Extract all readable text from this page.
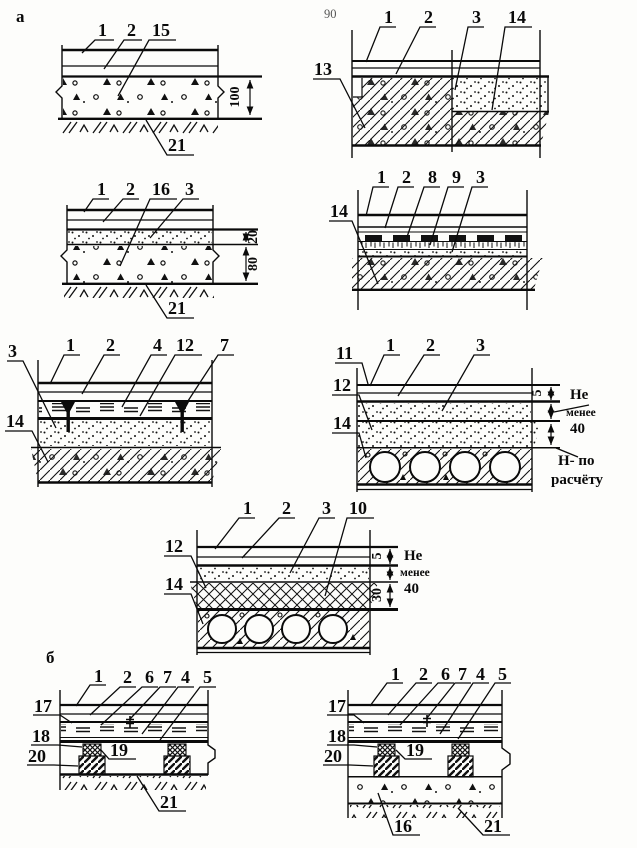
а	90
б
100
1 2 15
21
1 2 3 14
13
20
80
1 2 16 3
21
1 2 8 9 3
14
3	1 2 4 12 7
14
5 Не
менее
40
Н- по
расчёту
11 1 2 3
12
14
5 Не
менее
40
30
1 2 3 10
12
14
1 2 6 7 4 5
17
18
19
20
21
1 2 6 7 4 5
17
18
19
20
16	21
